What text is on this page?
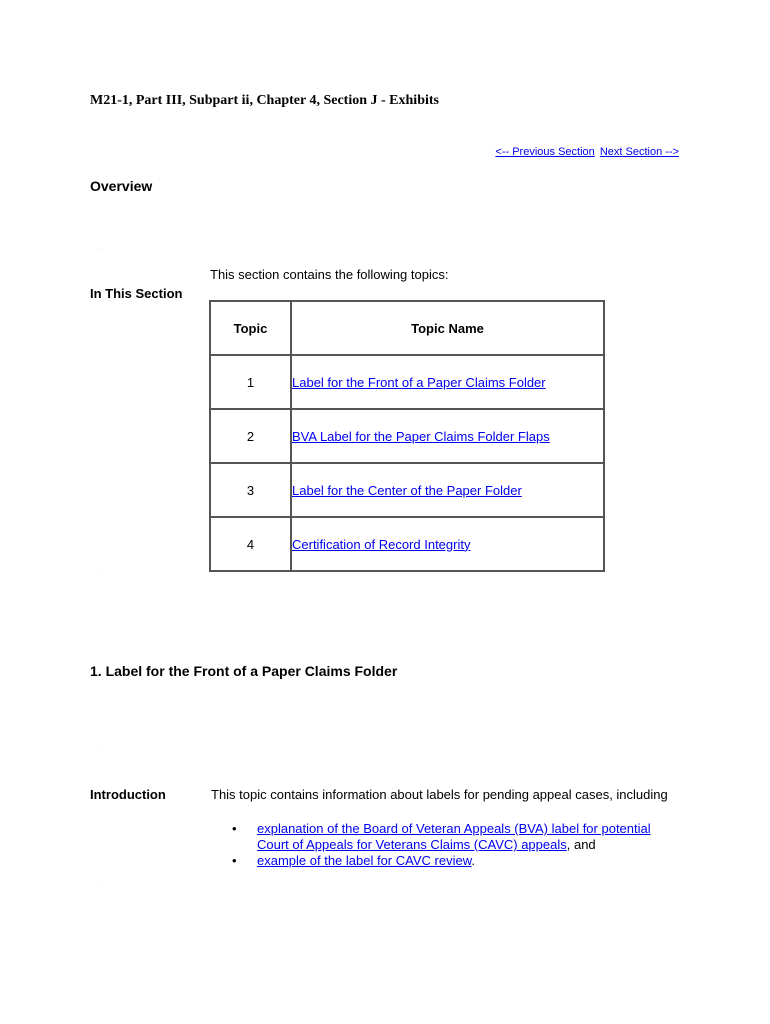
M21-1, Part III, Subpart ii, Chapter 4, Section J - Exhibits
<-- Previous Section Next Section -->
Overview
.
This section contains the following topics:
In This Section
Topic	Topic Name
1	Label for the Front of a Paper Claims Folder
2	BVA Label for the Paper Claims Folder Flaps
3	Label for the Center of the Paper Folder
4	Certification of Record Integrity
.
1. Label for the Front of a Paper Claims Folder
.
Introduction	This topic contains information about labels for pending appeal cases, including
• explanation of the Board of Veteran Appeals (BVA) label for potential
Court of Appeals for Veterans Claims (CAVC) appeals, and
• example of the label for CAVC review.
.
